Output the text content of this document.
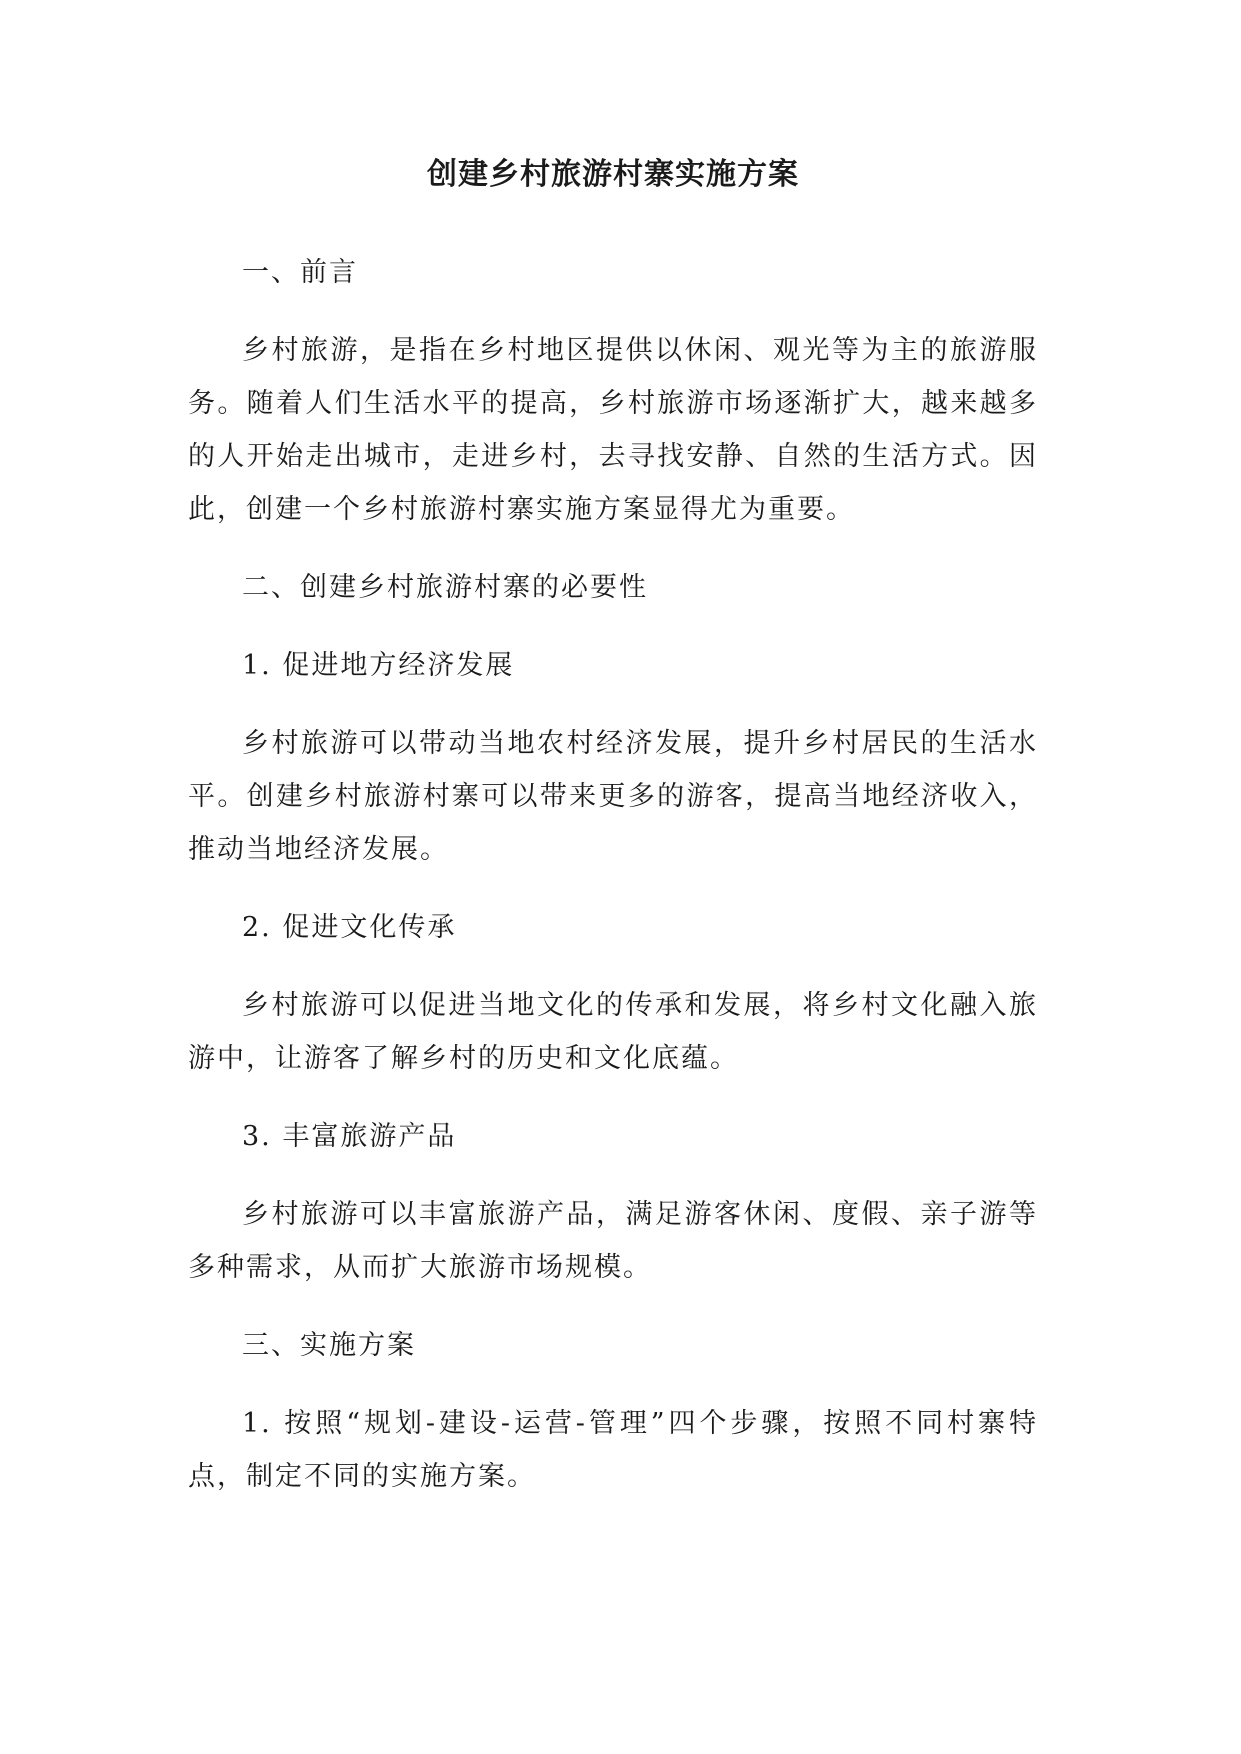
创建乡村旅游村寨实施方案
一、前言
乡村旅游，是指在乡村地区提供以休闲、观光等为主的旅游服务。随着人们生活水平的提高，乡村旅游市场逐渐扩大，越来越多的人开始走出城市，走进乡村，去寻找安静、自然的生活方式。因此，创建一个乡村旅游村寨实施方案显得尤为重要。
二、创建乡村旅游村寨的必要性
1. 促进地方经济发展
乡村旅游可以带动当地农村经济发展，提升乡村居民的生活水平。创建乡村旅游村寨可以带来更多的游客，提高当地经济收入，推动当地经济发展。
2. 促进文化传承
乡村旅游可以促进当地文化的传承和发展，将乡村文化融入旅游中，让游客了解乡村的历史和文化底蕴。
3. 丰富旅游产品
乡村旅游可以丰富旅游产品，满足游客休闲、度假、亲子游等多种需求，从而扩大旅游市场规模。
三、实施方案
1. 按照“规划-建设-运营-管理”四个步骤，按照不同村寨特点，制定不同的实施方案。
